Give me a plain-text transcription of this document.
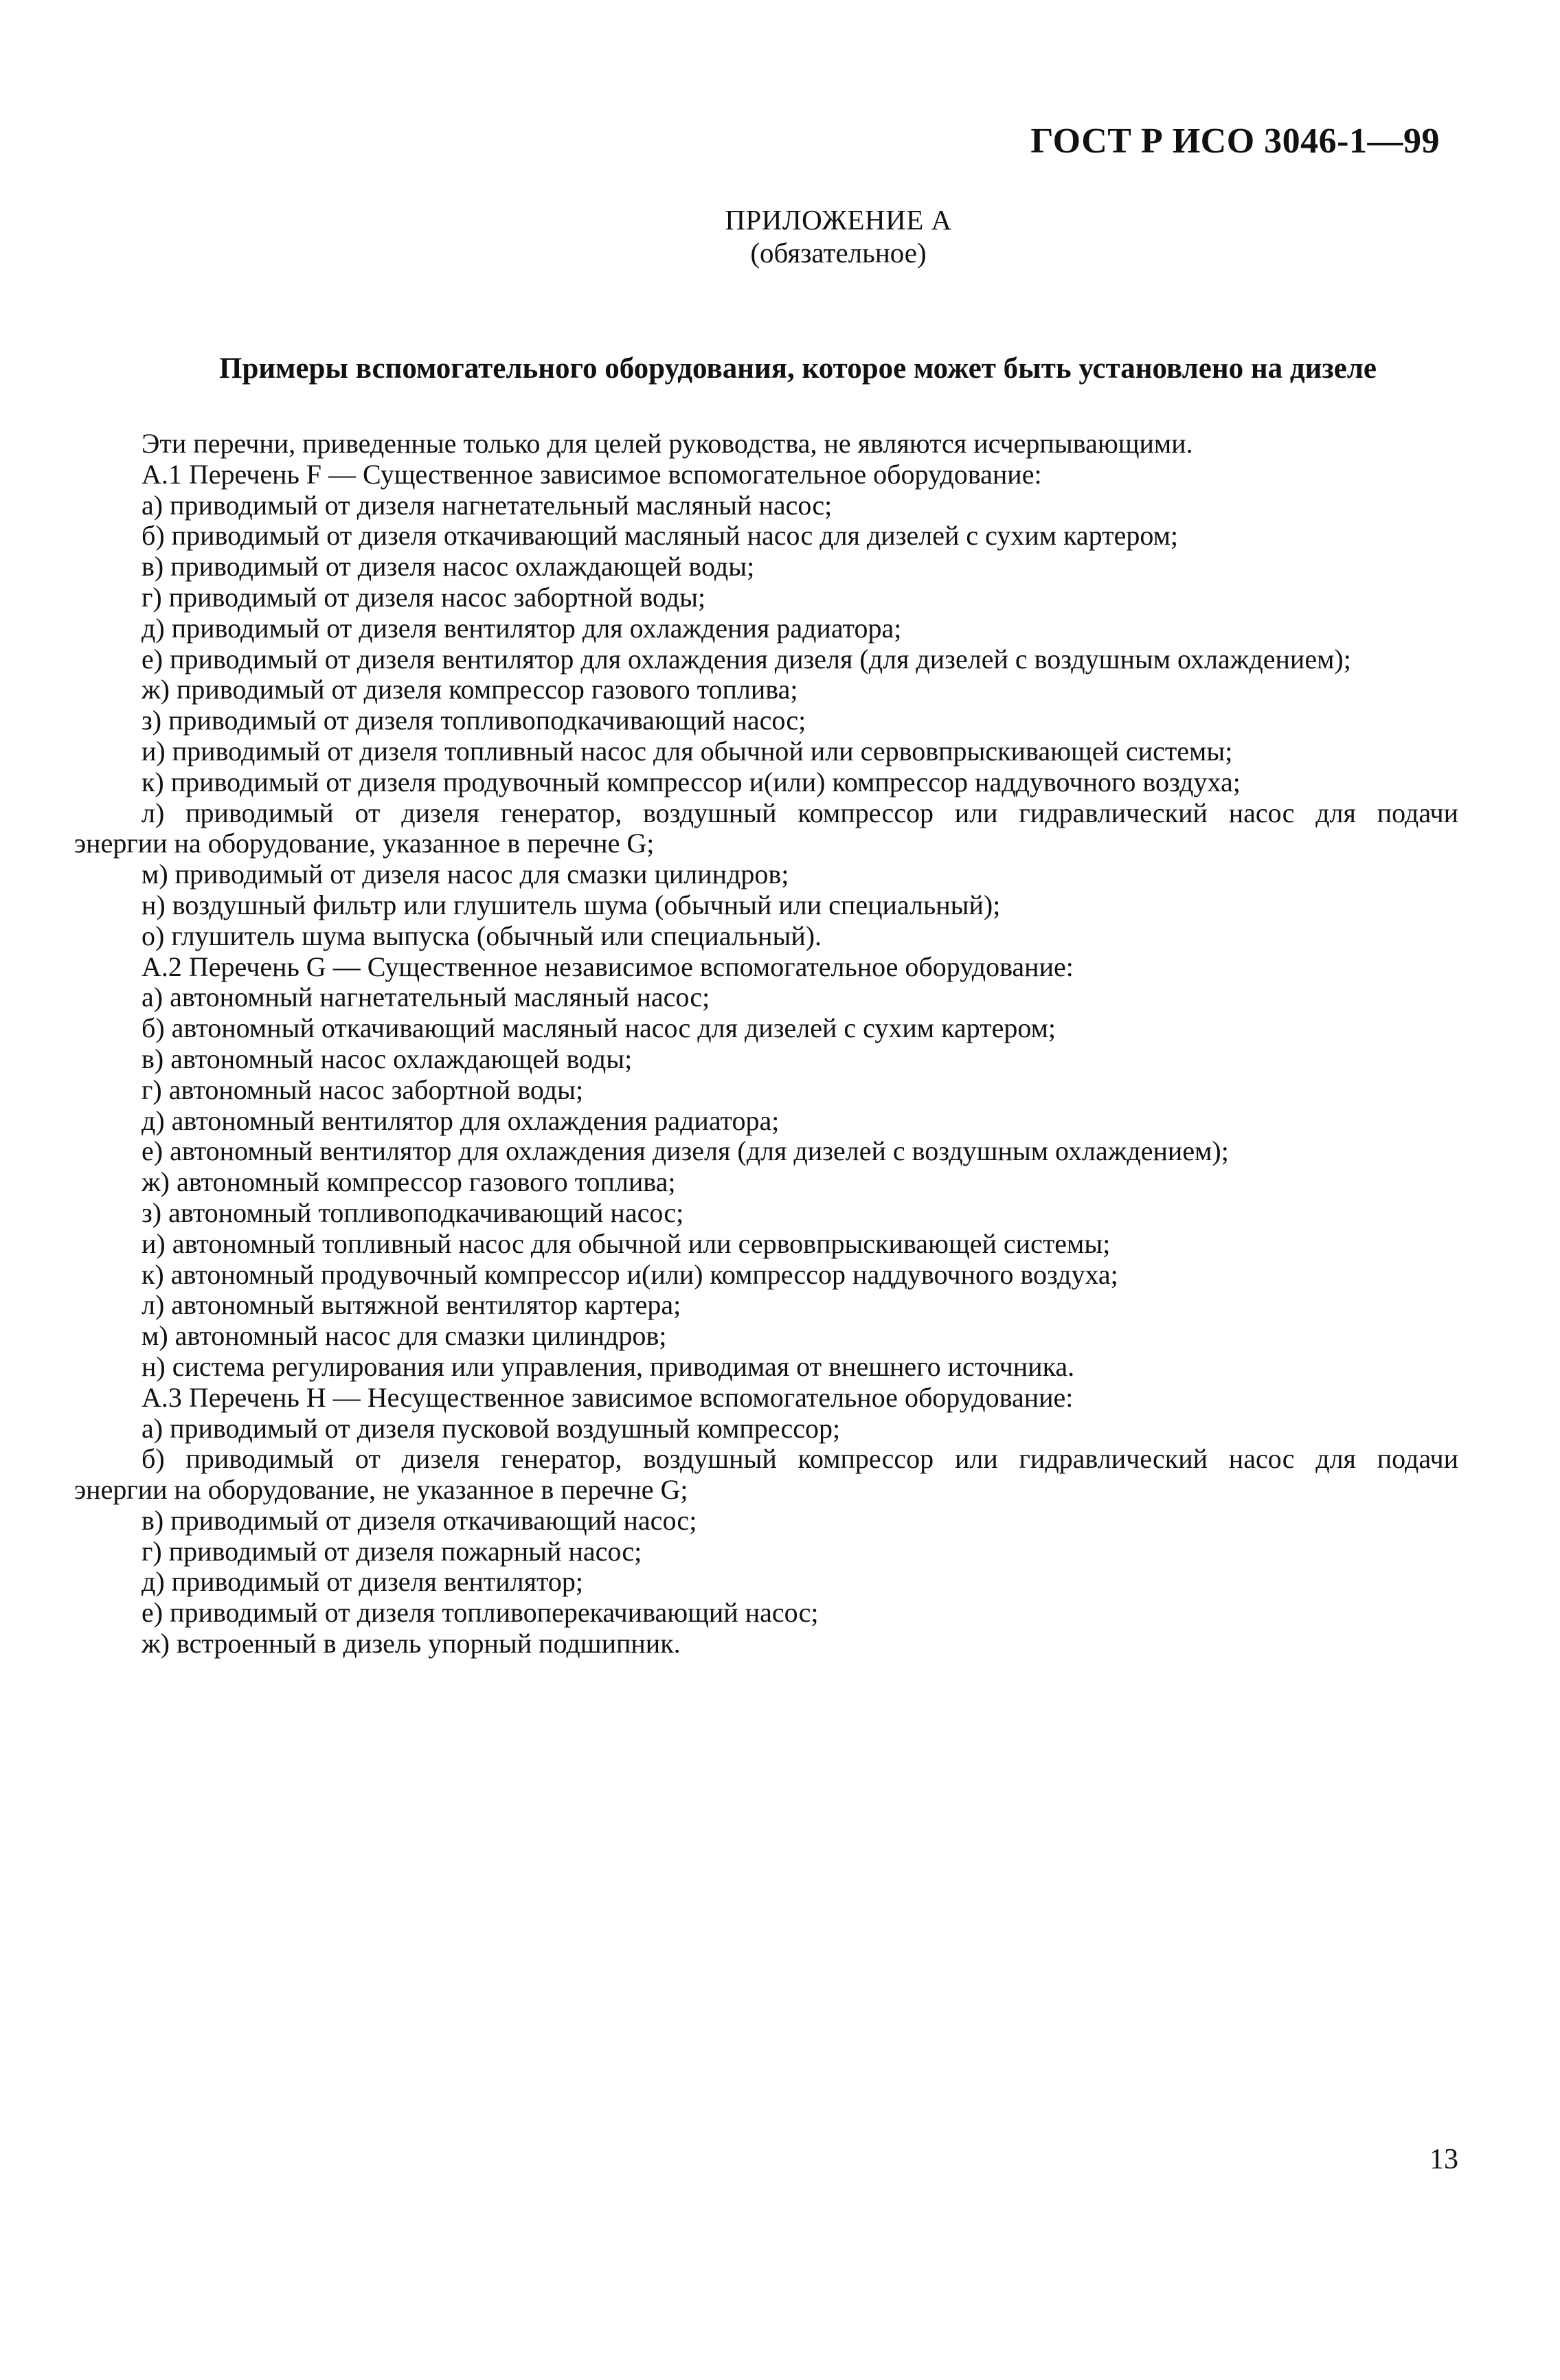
ГОСТ Р ИСО 3046-1—99
ПРИЛОЖЕНИЕ А
(обязательное)
Примеры вспомогательного оборудования, которое может быть установлено на дизеле
Эти перечни, приведенные только для целей руководства, не являются исчерпывающими.
А.1 Перечень F — Существенное зависимое вспомогательное оборудование:
а) приводимый от дизеля нагнетательный масляный насос;
б) приводимый от дизеля откачивающий масляный насос для дизелей с сухим картером;
в) приводимый от дизеля насос охлаждающей воды;
г) приводимый от дизеля насос забортной воды;
д) приводимый от дизеля вентилятор для охлаждения радиатора;
е) приводимый от дизеля вентилятор для охлаждения дизеля (для дизелей с воздушным охлаждением);
ж) приводимый от дизеля компрессор газового топлива;
з) приводимый от дизеля топливоподкачивающий насос;
и) приводимый от дизеля топливный насос для обычной или сервовпрыскивающей системы;
к) приводимый от дизеля продувочный компрессор и(или) компрессор наддувочного воздуха;
л) приводимый от дизеля генератор, воздушный компрессор или гидравлический насос для подачи
энергии на оборудование, указанное в перечне G;
м) приводимый от дизеля насос для смазки цилиндров;
н) воздушный фильтр или глушитель шума (обычный или специальный);
о) глушитель шума выпуска (обычный или специальный).
А.2 Перечень G — Существенное независимое вспомогательное оборудование:
а) автономный нагнетательный масляный насос;
б) автономный откачивающий масляный насос для дизелей с сухим картером;
в) автономный насос охлаждающей воды;
г) автономный насос забортной воды;
д) автономный вентилятор для охлаждения радиатора;
е) автономный вентилятор для охлаждения дизеля (для дизелей с воздушным охлаждением);
ж) автономный компрессор газового топлива;
з) автономный топливоподкачивающий насос;
и) автономный топливный насос для обычной или сервовпрыскивающей системы;
к) автономный продувочный компрессор и(или) компрессор наддувочного воздуха;
л) автономный вытяжной вентилятор картера;
м) автономный насос для смазки цилиндров;
н) система регулирования или управления, приводимая от внешнего источника.
А.3 Перечень H — Несущественное зависимое вспомогательное оборудование:
а) приводимый от дизеля пусковой воздушный компрессор;
б) приводимый от дизеля генератор, воздушный компрессор или гидравлический насос для подачи
энергии на оборудование, не указанное в перечне G;
в) приводимый от дизеля откачивающий насос;
г) приводимый от дизеля пожарный насос;
д) приводимый от дизеля вентилятор;
е) приводимый от дизеля топливоперекачивающий насос;
ж) встроенный в дизель упорный подшипник.
13
